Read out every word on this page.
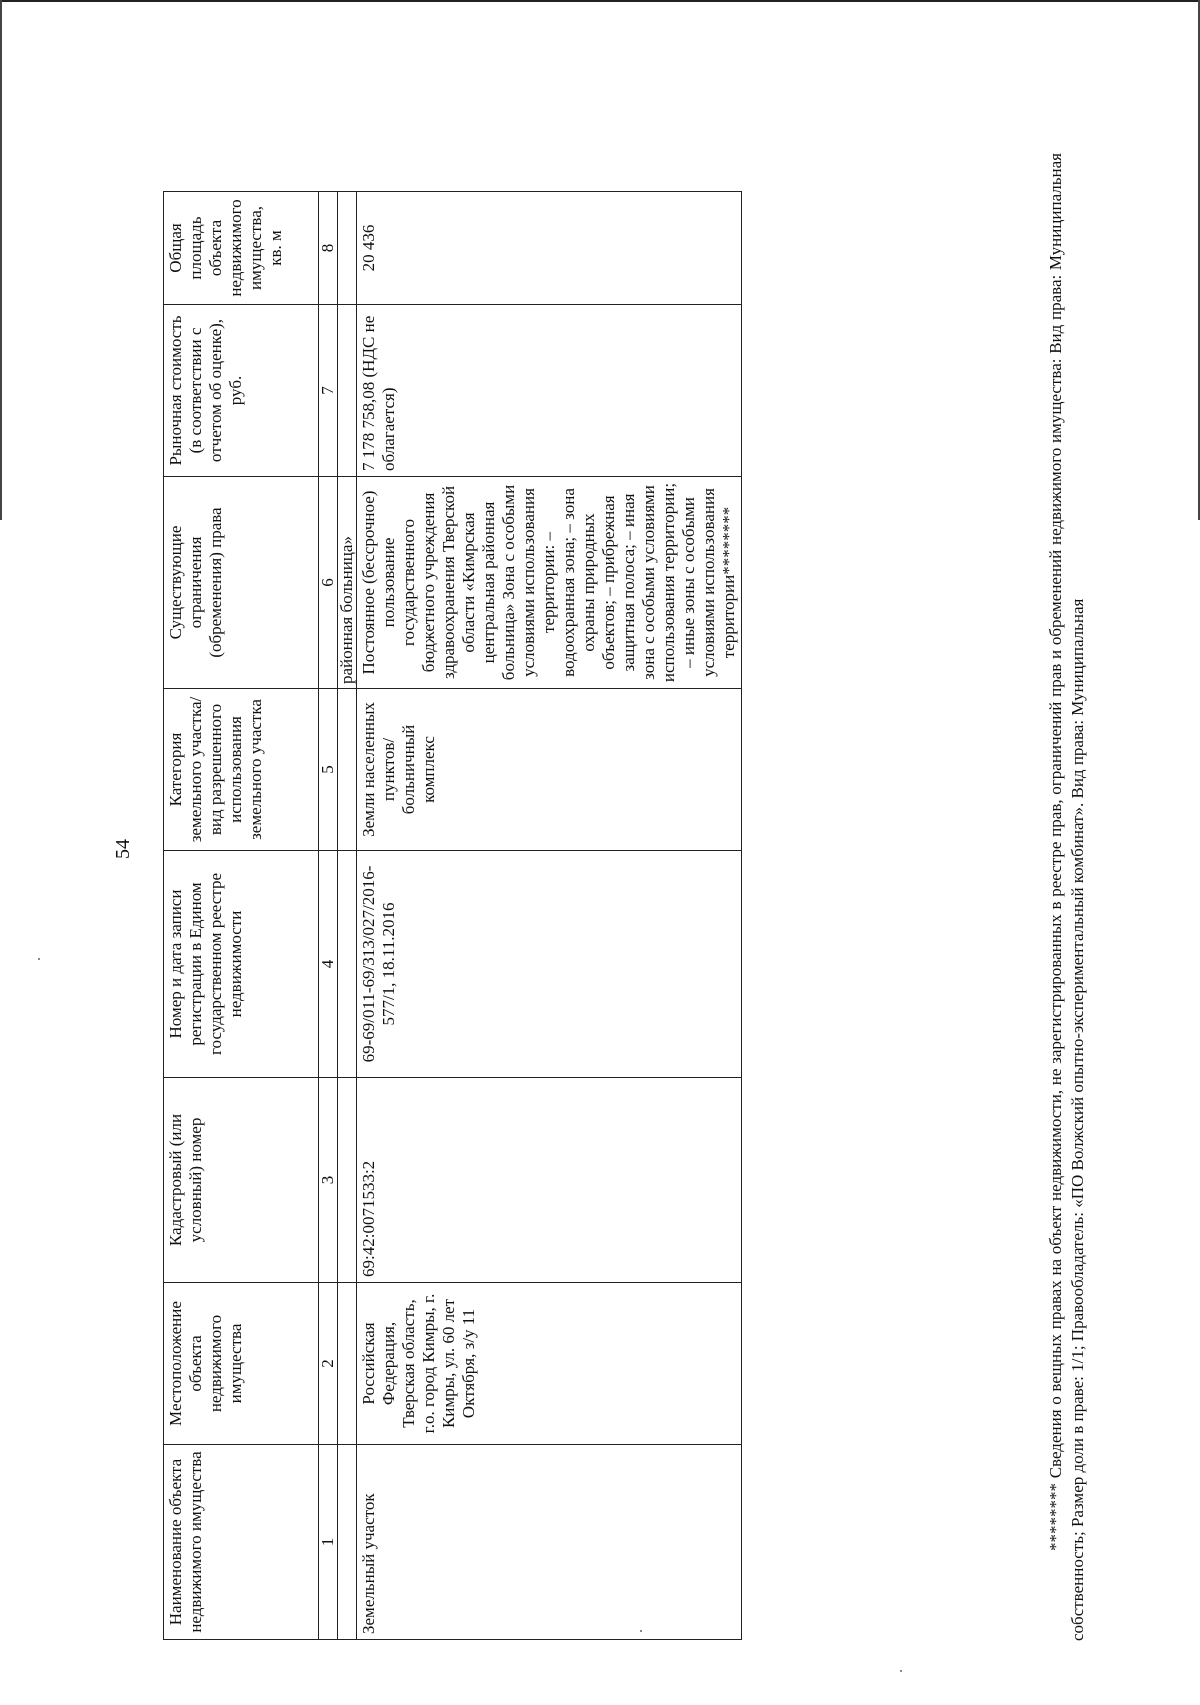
54
Наименование объекта недвижимого имущества	Местоположение объекта недвижимого имущества	Кадастровый (или условный) номер	Номер и дата записи регистрации в Едином государственном реестре недвижимости	Категория земельного участка/вид разрешенного использования земельного участка	Существующие ограничения (обременения) права	Рыночная стоимость (в соответствии с отчетом об оценке), руб.	Общая площадь объекта недвижимого имущества, кв. м
1	2	3	4	5	6	7	8
					районная больница»		
Земельный участок	Российская Федерация, Тверская область, г.о. город Кимры, г. Кимры, ул. 60 лет Октября, з/у 11	69:42:0071533:2	69-69/011-69/313/027/2016-577/1, 18.11.2016	Земли населенных пунктов/больничный комплекс	Постоянное (бессрочное) пользование государственного бюджетного учреждения здравоохранения Тверской области «Кимрская центральная районная больница» Зона с особыми условиями использования территории: – водоохранная зона; – зона охраны природных объектов; – прибрежная защитная полоса; – иная зона с особыми условиями использования территории; – иные зоны с особыми условиями использования территории********	7 178 758,08 (НДС не облагается)	20 436	******** Сведения о вещных правах на объект недвижимости, не зарегистрированных в реестре прав, ограничений прав и обременений недвижимого имущества: Вид права: Муниципальная собственность; Размер доли в праве: 1/1; Правообладатель: «ПО Волжский опытно-экспериментальный комбинат». Вид права: Муниципальная
